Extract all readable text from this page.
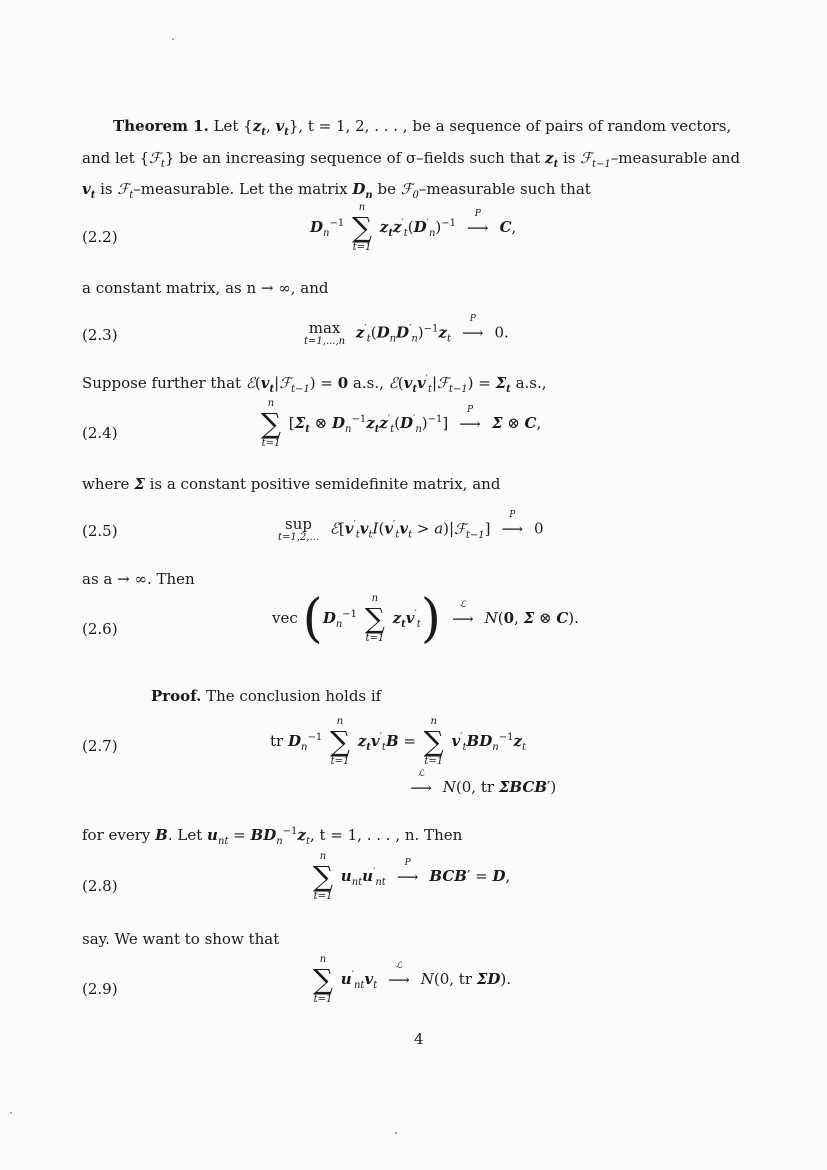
Theorem 1. Let {$z_t$, $v_t$}, t = 1, 2, . . . , be a sequence of pairs of random vectors, and let {ℱ$_t$} be an increasing sequence of σ–fields such that $z_t$ is ℱ$_{t-1}$–measurable and $v_t$ is ℱ$_t$–measurable. Let the matrix $D_n$ be ℱ$_0$–measurable such that
(2.2)
$D_n^{-1}$
n
∑
t=1
$z_tz'_t(D'_n)^{-1}$
P
⟶ C,
a constant matrix, as n → ∞, and
(2.3)	max
t=1,...,n $z'_t(D_nD'_n)^{-1}z_t$
P
⟶ 0.
Suppose further that $ℰ(v_t|ℱ_{t-1}) = 0$ a.s., $ℰ(v_tv'_t|ℱ_{t-1}) = \Sigma_t$ a.s.,
(2.4)
n
∑
t=1
[$\Sigma_t$ ⊗ $D_n^{-1}z_tz'_t(D'_n)^{-1}$]
P
⟶ Σ ⊗ C,
where Σ is a constant positive semidefinite matrix, and
(2.5)	sup
t=1,2,... $ℰ[v'_tv_tI(v'_tv_t$ > a)|ℱ$_{t-1}$]
P
⟶ 0
as a → ∞. Then
(2.6)
vec ($D_n^{-1}$
n
∑
t=1
$z_tv'_t$)	ℒ
⟶ N(0, Σ ⊗ C).
Proof. The conclusion holds if
(2.7)	tr $D_n^{-1}$
n
∑
t=1
$z_tv'_tB$ =
n
∑
t=1
$v'_tBD_n^{-1}z_t$
ℒ
⟶ N(0, tr ΣBCB′)
for every B. Let $u_{nt} = BD_n^{-1}z_t$, t = 1, . . . , n. Then
(2.8)
n
∑
t=1
$u_{nt}u'_{nt}$
P
⟶ BCB′ = D,
say. We want to show that
(2.9)
n
∑
t=1
$u'_{nt}v_t$
ℒ
⟶ N(0, tr ΣD).
4
